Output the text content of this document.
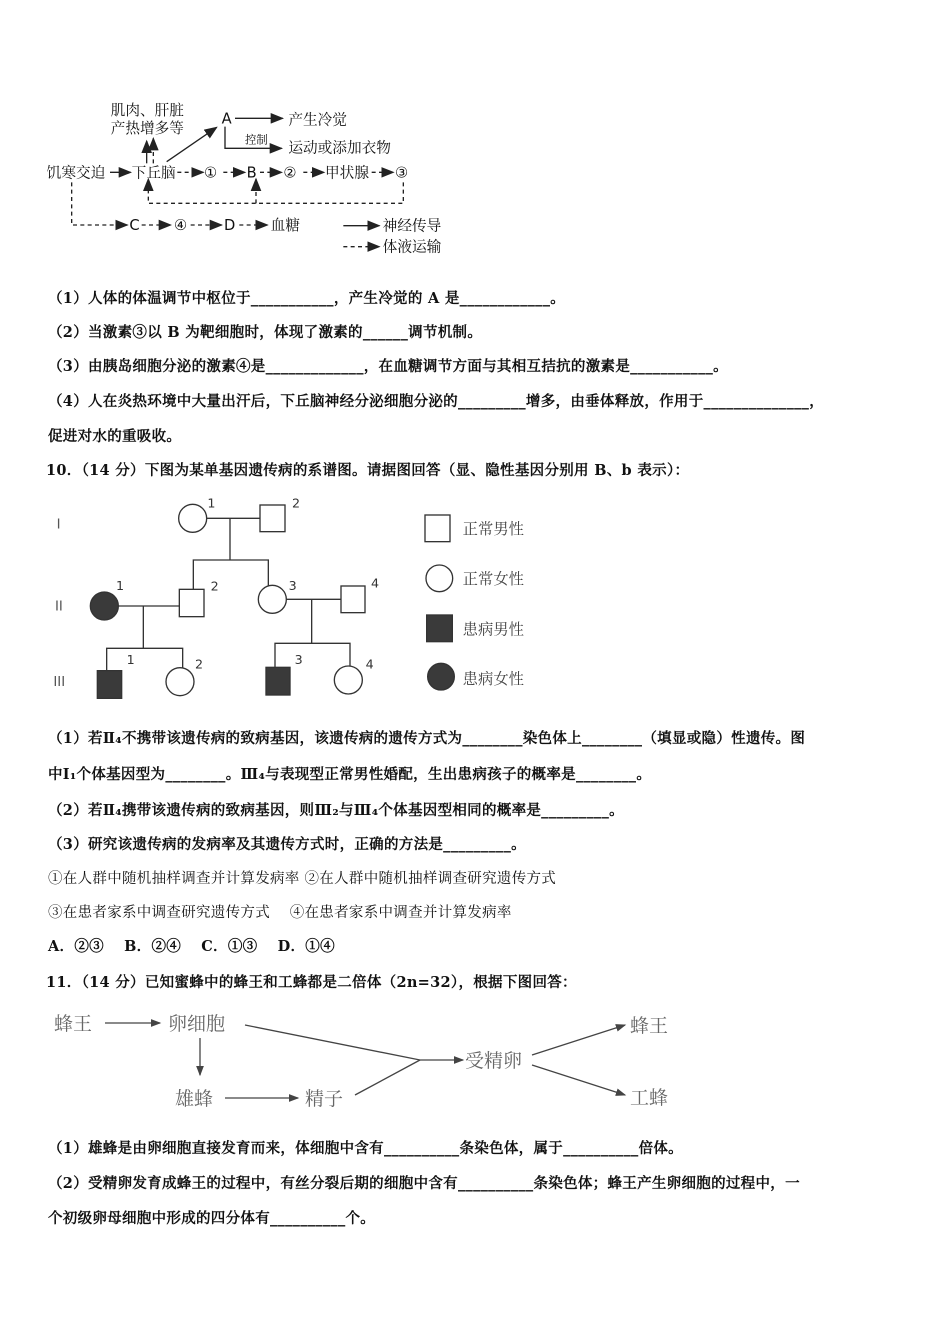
肌肉、肝脏
产热增多等
A 产生冷觉
控制 运动或添加衣物
饥寒交迫 下丘脑 ① B ② 甲状腺 ③
C ④ D 血糖 神经传导
体液运输
（1）人体的体温调节中枢位于___________，产生冷觉的 A 是____________。
（2）当激素③以 B 为靶细胞时，体现了激素的______调节机制。
（3）由胰岛细胞分泌的激素④是_____________，在血糖调节方面与其相互拮抗的激素是___________。
（4）人在炎热环境中大量出汗后，下丘脑神经分泌细胞分泌的_________增多，由垂体释放，作用于______________，
促进对水的重吸收。
10．（14 分）下图为某单基因遗传病的系谱图。请据图回答（显、隐性基因分别用 B、b 表示）：
I
II
III
1 2
1 2 3 4
1 2 3 4
正常男性
正常女性
患病男性
患病女性
（1）若Ⅱ₄不携带该遗传病的致病基因，该遗传病的遗传方式为________染色体上________（填显或隐）性遗传。图
中Ⅰ₁个体基因型为________。Ⅲ₄与表现型正常男性婚配，生出患病孩子的概率是________。
（2）若Ⅱ₄携带该遗传病的致病基因，则Ⅲ₂与Ⅲ₄个体基因型相同的概率是_________。
（3）研究该遗传病的发病率及其遗传方式时，正确的方法是_________。
①在人群中随机抽样调查并计算发病率 ②在人群中随机抽样调查研究遗传方式
③在患者家系中调查研究遗传方式　 ④在患者家系中调查并计算发病率
A．②③　 B．②④　 C．①③　 D．①④
11．（14 分）已知蜜蜂中的蜂王和工蜂都是二倍体（2n=32），根据下图回答：
蜂王	卵细胞
雄蜂	精子
受精卵
蜂王
工蜂
（1）雄蜂是由卵细胞直接发育而来，体细胞中含有__________条染色体，属于__________倍体。
（2）受精卵发育成蜂王的过程中，有丝分裂后期的细胞中含有__________条染色体；蜂王产生卵细胞的过程中，一
个初级卵母细胞中形成的四分体有__________个。
